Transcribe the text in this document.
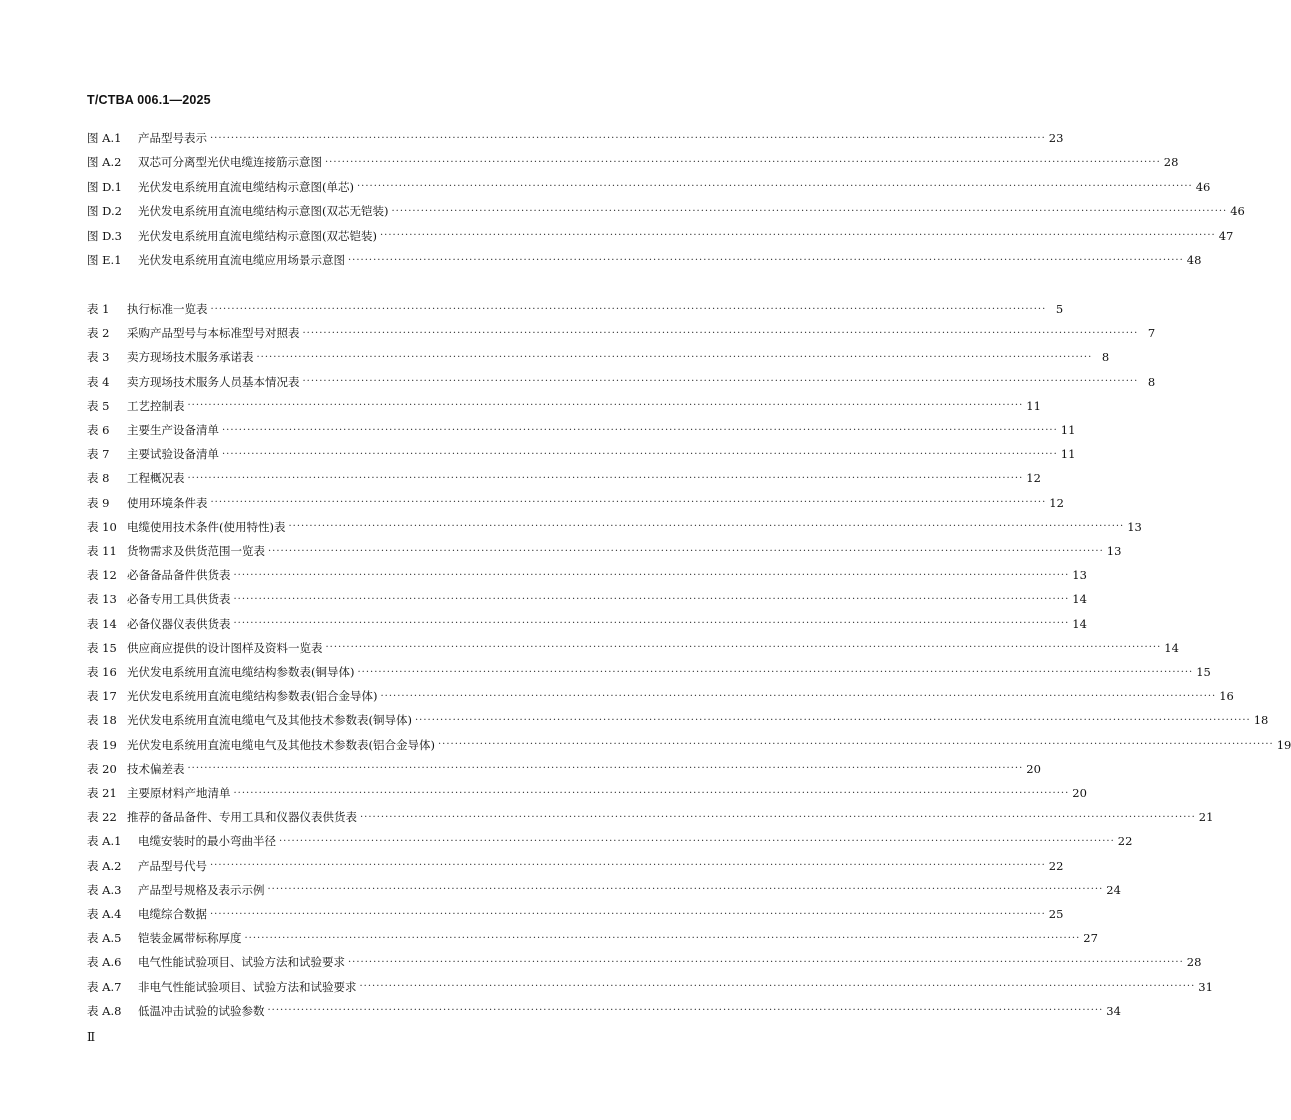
T/CTBA 006.1—2025
图 A.1	产品型号表示 ········································································································································································································ 23
图 A.2	双芯可分离型光伏电缆连接筋示意图 ········································································································································································································ 28
图 D.1	光伏发电系统用直流电缆结构示意图(单芯) ········································································································································································································ 46
图 D.2	光伏发电系统用直流电缆结构示意图(双芯无铠装) ········································································································································································································ 46
图 D.3	光伏发电系统用直流电缆结构示意图(双芯铠装) ········································································································································································································ 47
图 E.1	光伏发电系统用直流电缆应用场景示意图 ········································································································································································································ 48
表 1	执行标准一览表 ········································································································································································································ 5
表 2	采购产品型号与本标准型号对照表 ········································································································································································································ 7
表 3	卖方现场技术服务承诺表 ········································································································································································································ 8
表 4	卖方现场技术服务人员基本情况表 ········································································································································································································ 8
表 5	工艺控制表 ········································································································································································································ 11
表 6	主要生产设备清单 ········································································································································································································ 11
表 7	主要试验设备清单 ········································································································································································································ 11
表 8	工程概况表 ········································································································································································································ 12
表 9	使用环境条件表 ········································································································································································································ 12
表 10 电缆使用技术条件(使用特性)表 ········································································································································································································ 13
表 11 货物需求及供货范围一览表 ········································································································································································································ 13
表 12 必备备品备件供货表 ········································································································································································································ 13
表 13 必备专用工具供货表 ········································································································································································································ 14
表 14 必备仪器仪表供货表 ········································································································································································································ 14
表 15 供应商应提供的设计图样及资料一览表 ········································································································································································································ 14
表 16 光伏发电系统用直流电缆结构参数表(铜导体) ········································································································································································································ 15
表 17 光伏发电系统用直流电缆结构参数表(铝合金导体) ········································································································································································································ 16
表 18 光伏发电系统用直流电缆电气及其他技术参数表(铜导体) ········································································································································································································ 18
表 19 光伏发电系统用直流电缆电气及其他技术参数表(铝合金导体) ········································································································································································································ 19
表 20 技术偏差表 ········································································································································································································ 20
表 21 主要原材料产地清单 ········································································································································································································ 20
表 22 推荐的备品备件、专用工具和仪器仪表供货表 ········································································································································································································ 21
表 A.1	电缆安装时的最小弯曲半径 ········································································································································································································ 22
表 A.2	产品型号代号 ········································································································································································································ 22
表 A.3	产品型号规格及表示示例 ········································································································································································································ 24
表 A.4	电缆综合数据 ········································································································································································································ 25
表 A.5	铠装金属带标称厚度 ········································································································································································································ 27
表 A.6	电气性能试验项目、试验方法和试验要求 ········································································································································································································ 28
表 A.7	非电气性能试验项目、试验方法和试验要求 ········································································································································································································ 31
表 A.8	低温冲击试验的试验参数 ········································································································································································································ 34
Ⅱ
